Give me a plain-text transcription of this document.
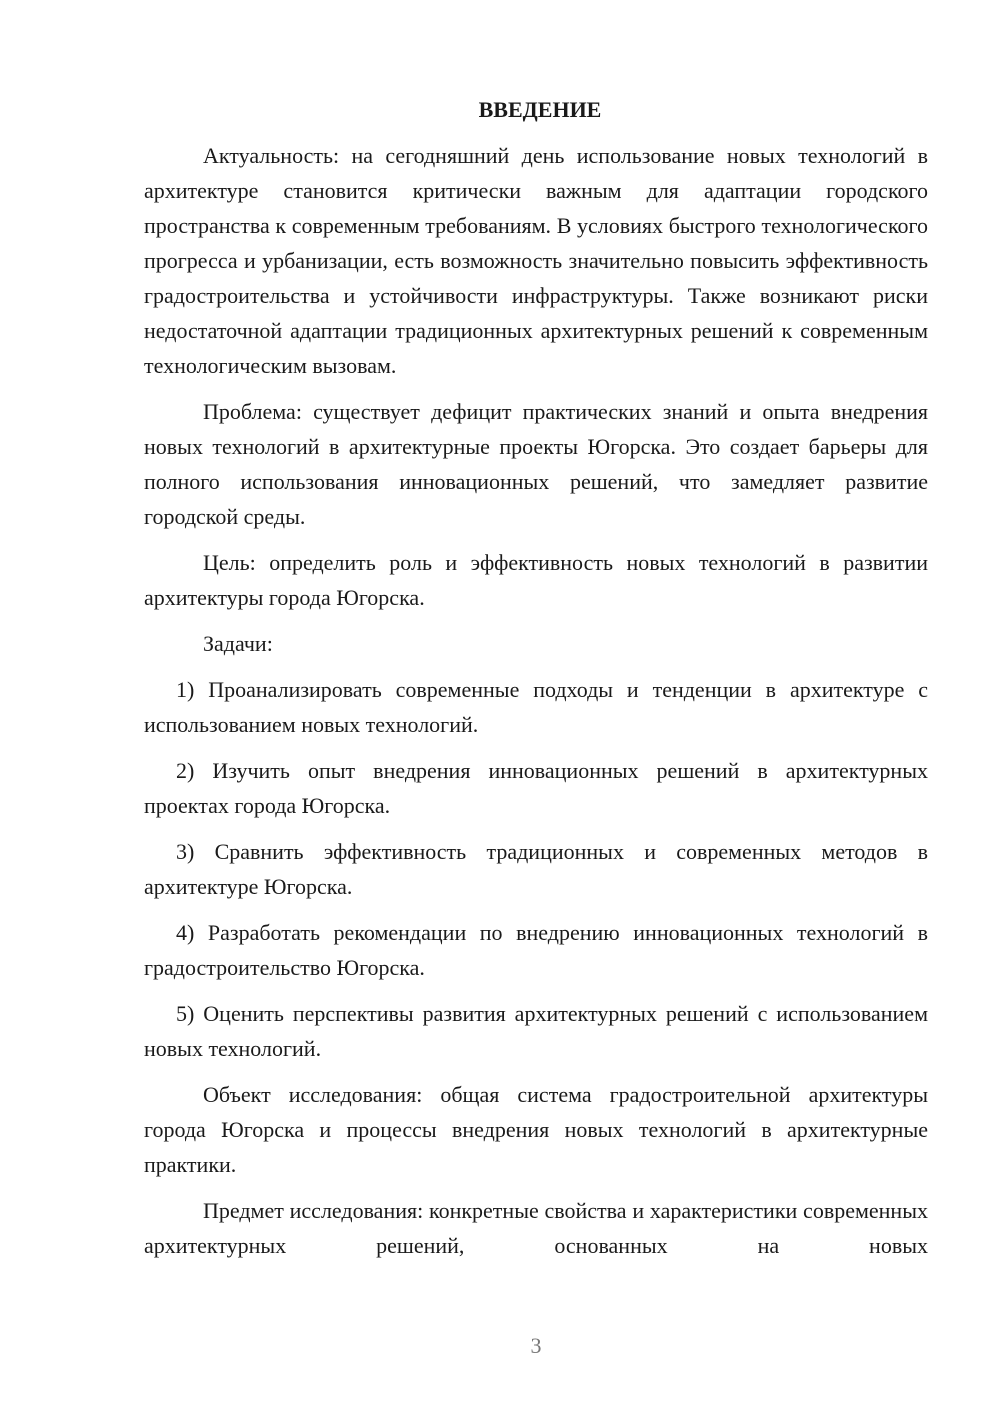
ВВЕДЕНИЕ

Актуальность: на сегодняшний день использование новых технологий в архитектуре становится критически важным для адаптации городского пространства к современным требованиям. В условиях быстрого технологического прогресса и урбанизации, есть возможность значительно повысить эффективность градостроительства и устойчивости инфраструктуры. Также возникают риски недостаточной адаптации традиционных архитектурных решений к современным технологическим вызовам.

Проблема: существует дефицит практических знаний и опыта внедрения новых технологий в архитектурные проекты Югорска. Это создает барьеры для полного использования инновационных решений, что замедляет развитие городской среды.

Цель: определить роль и эффективность новых технологий в развитии архитектуры города Югорска.

Задачи:

1) Проанализировать современные подходы и тенденции в архитектуре с использованием новых технологий.

2) Изучить опыт внедрения инновационных решений в архитектурных проектах города Югорска.

3) Сравнить эффективность традиционных и современных методов в архитектуре Югорска.

4) Разработать рекомендации по внедрению инновационных технологий в градостроительство Югорска.

5) Оценить перспективы развития архитектурных решений с использованием новых технологий.

Объект исследования: общая система градостроительной архитектуры города Югорска и процессы внедрения новых технологий в архитектурные практики.

Предмет исследования: конкретные свойства и характеристики современных архитектурных решений, основанных на новых

3
